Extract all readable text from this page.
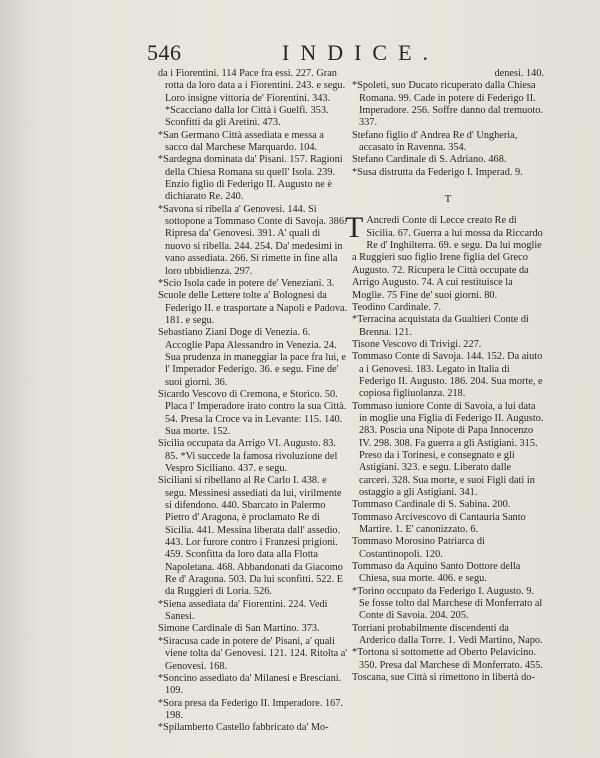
546	INDICE.

da i Fiorentini. 114 Pace fra essi. 227. Gran rotta da loro data a i Fiorentini. 243. e segu. Loro insigne vittoria de' Fiorentini. 343. *Scacciano dalla lor Città i Guelfi. 353. Sconfitti da gli Aretini. 473.

*San Germano Città assediata e messa a sacco dal Marchese Marquardo. 104.

*Sardegna dominata da' Pisani. 157. Ragioni della Chiesa Romana su quell' Isola. 239. Enzio figlio di Federigo II. Augusto ne è dichiarato Re. 240.

*Savona si ribella a' Genovesi. 144. Si sottopone a Tommaso Conte di Savoja. 386. Ripresa da' Genovesi. 391. A' quali di nuovo si ribella. 244. 254. Da' medesimi in vano assediata. 266. Si rimette in fine alla loro ubbidienza. 297.

*Scio Isola cade in potere de' Veneziani. 3.

Scuole delle Lettere tolte a' Bolognesi da Federigo II. e trasportate a Napoli e Padova. 181. e segu.

Sebastiano Ziani Doge di Venezia. 6. Accoglie Papa Alessandro in Venezia. 24. Sua prudenza in maneggiar la pace fra lui, e l' Imperador Federigo. 36. e segu. Fine de' suoi giorni. 36.

Sicardo Vescovo di Cremona, e Storico. 50. Placa l' Imperadore irato contro la sua Città. 54. Presa la Croce va in Levante: 115. 140. Sua morte. 152.

Sicilia occupata da Arrigo VI. Augusto. 83. 85. *Vi succede la famosa rivoluzione del Vespro Siciliano. 437. e segu.

Siciliani si ribellano al Re Carlo I. 438. e segu. Messinesi assediati da lui, virilmente si difendono. 440. Sbarcato in Palermo Pietro d' Aragona, è proclamato Re di Sicilia. 441. Messina liberata dall' assedio. 443. Lor furore contro i Franzesi prigioni. 459. Sconfitta da loro data alla Flotta Napoletana. 468. Abbandonati da Giacomo Re d' Aragona. 503. Da lui sconfitti. 522. E da Ruggieri di Loria. 526.

*Siena assediata da' Fiorentini. 224. Vedi Sanesi.

Simone Cardinale di San Martino. 373.

*Siracusa cade in potere de' Pisani, a' quali viene tolta da' Genovesi. 121. 124. Ritolta a' Genovesi. 168.

*Soncino assediato da' Milanesi e Bresciani. 109.

*Sora presa da Federigo II. Imperadore. 167. 198.

*Spilamberto Castello fabbricato da' Mo-

denesi. 140.

*Spoleti, suo Ducato ricuperato dalla Chiesa Romana. 99. Cade in potere di Federigo II. Imperadore. 256. Soffre danno dal tremuoto. 337.

Stefano figlio d' Andrea Re d' Ungheria, accasato in Ravenna. 354.

Stefano Cardinale di S. Adriano. 468.

*Susa distrutta da Federigo I. Imperad. 9.

T

T Ancredi Conte di Lecce creato Re di Sicilia. 67. Guerra a lui mossa da Riccardo Re d' Inghilterra. 69. e segu. Da lui moglie a Ruggieri suo figlio Irene figlia del Greco Augusto. 72. Ricupera le Città occupate da Arrigo Augusto. 74. A cui restituisce la Moglie. 75 Fine de' suoi giorni. 80.

Teodino Cardinale. 7.

*Terracina acquistata da Gualtieri Conte di Brenna. 121.

Tisone Vescovo di Trivigi. 227.

Tommaso Conte di Savoja. 144. 152. Da aiuto a i Genovesi. 183. Legato in Italia di Federigo II. Augusto. 186. 204. Sua morte, e copiosa figliuolanza. 218.

Tommaso iuniore Conte di Savoia, a lui data in moglie una Figlia di Federigo II. Augusto. 283. Poscia una Nipote di Papa Innocenzo IV. 298. 308. Fa guerra a gli Astigiani. 315. Preso da i Torinesi, e consegnato e gli Astigiani. 323. e segu. Liberato dalle carceri. 328. Sua morte, e suoi Figli dati in ostaggio a gli Astigiani. 341.

Tommaso Cardinale di S. Sabina. 200.

Tommaso Arcivescovo di Cantauria Santo Martire. 1. E' canonizzato. 6.

Tommaso Morosino Patriarca di Costantinopoli. 120.

Tommaso da Aquino Santo Dottore della Chiesa, sua morte. 406. e segu.

*Torino occupato da Federigo I. Augusto. 9. Se fosse tolto dal Marchese di Monferrato al Conte di Savoia. 204. 205.

Torriani probabilmente discendenti da Arderico dalla Torre. 1. Vedi Martino, Napo.

*Tortona si sottomette ad Oberto Pelavicino. 350. Presa dal Marchese di Monferrato. 455.

Toscana, sue Città si rimettono in libertà do-
